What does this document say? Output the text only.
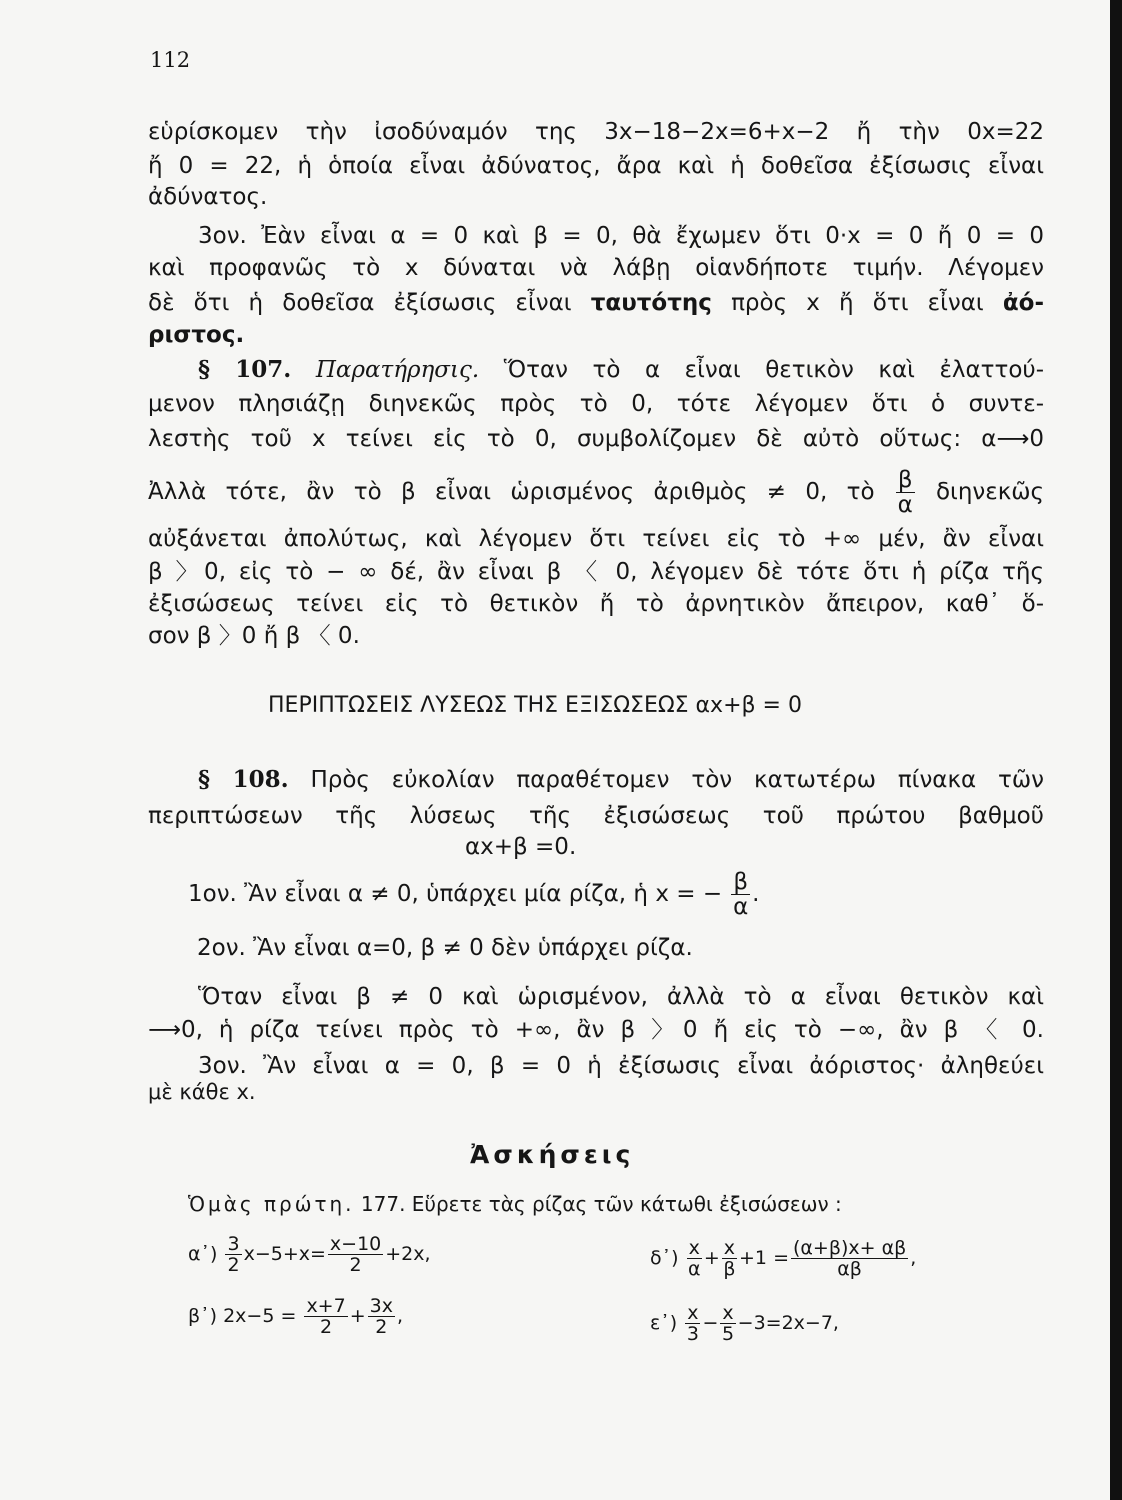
112
εὑρίσκομεν τὴν ἰσοδύναμόν της 3x−18−2x=6+x−2 ἤ τὴν 0x=22
ἤ 0 = 22, ἡ ὁποία εἶναι ἀδύνατος, ἄρα καὶ ἡ δοθεῖσα ἐξίσωσις εἶναι
ἀδύνατος.
3ον. Ἐὰν εἶναι α = 0 καὶ β = 0, θὰ ἔχωμεν ὅτι 0·x = 0 ἤ 0 = 0
καὶ προφανῶς τὸ x δύναται νὰ λάβῃ οἱανδήποτε τιμήν. Λέγομεν
δὲ ὅτι ἡ δοθεῖσα ἐξίσωσις εἶναι ταυτότης πρὸς x ἤ ὅτι εἶναι ἀό-
ριστος.
§ 107. Παρατήρησις. Ὅταν τὸ α εἶναι θετικὸν καὶ ἐλαττού-
μενον πλησιάζῃ διηνεκῶς πρὸς τὸ 0, τότε λέγομεν ὅτι ὁ συντε-
λεστὴς τοῦ x τείνει εἰς τὸ 0, συμβολίζομεν δὲ αὐτὸ οὕτως: α⟶0
Ἀλλὰ τότε, ἂν τὸ β εἶναι ὡρισμένος ἀριθμὸς ≠ 0, τὸ $\frac{\beta}{\alpha}$ διηνεκῶς
αὐξάνεται ἀπολύτως, καὶ λέγομεν ὅτι τείνει εἰς τὸ +∞ μέν, ἂν εἶναι
β 〉0, εἰς τὸ − ∞ δέ, ἂν εἶναι β 〈 0, λέγομεν δὲ τότε ὅτι ἡ ρίζα τῆς
ἐξισώσεως τείνει εἰς τὸ θετικὸν ἤ τὸ ἀρνητικὸν ἄπειρον, καθ᾽ ὅ-
σον β 〉0 ἤ β 〈 0.
ΠΕΡΙΠΤΩΣΕΙΣ ΛΥΣΕΩΣ ΤΗΣ ΕΞΙΣΩΣΕΩΣ αx+β = 0
§ 108. Πρὸς εὐκολίαν παραθέτομεν τὸν κατωτέρω πίνακα τῶν
περιπτώσεων τῆς λύσεως τῆς ἐξισώσεως τοῦ πρώτου βαθμοῦ
αx+β =0.
1ον. Ἂν εἶναι α ≠ 0, ὑπάρχει μία ρίζα, ἡ x = − $\frac{\beta}{\alpha}$ .
2ον. Ἂν εἶναι α=0, β ≠ 0 δὲν ὑπάρχει ρίζα.
Ὅταν εἶναι β ≠ 0 καὶ ὡρισμένον, ἀλλὰ τὸ α εἶναι θετικὸν καὶ
⟶0, ἡ ρίζα τείνει πρὸς τὸ +∞, ἂν β 〉0 ἤ εἰς τὸ −∞, ἂν β 〈 0.
3ον. Ἂν εἶναι α = 0, β = 0 ἡ ἐξίσωσις εἶναι ἀόριστος· ἀληθεύει
μὲ κάθε x.
Ἀσκήσεις
Ὁμὰς πρώτη. 177. Εὕρετε τὰς ρίζας τῶν κάτωθι ἐξισώσεων :
α᾽) $\frac{3}{2} x-5+x= \frac{x-10}{2} +2x$,	δ᾽) $\frac{x}{\alpha} + \frac{x}{\beta} +1 = \frac{(\alpha+\beta)x+ \alpha\beta}{\alpha\beta}$ ,
β᾽) $2x-5 = \frac{x+7}{2} + \frac{3x}{2}$ ,	ε᾽) $\frac{x}{3} - \frac{x}{5} -3=2x-7$,
